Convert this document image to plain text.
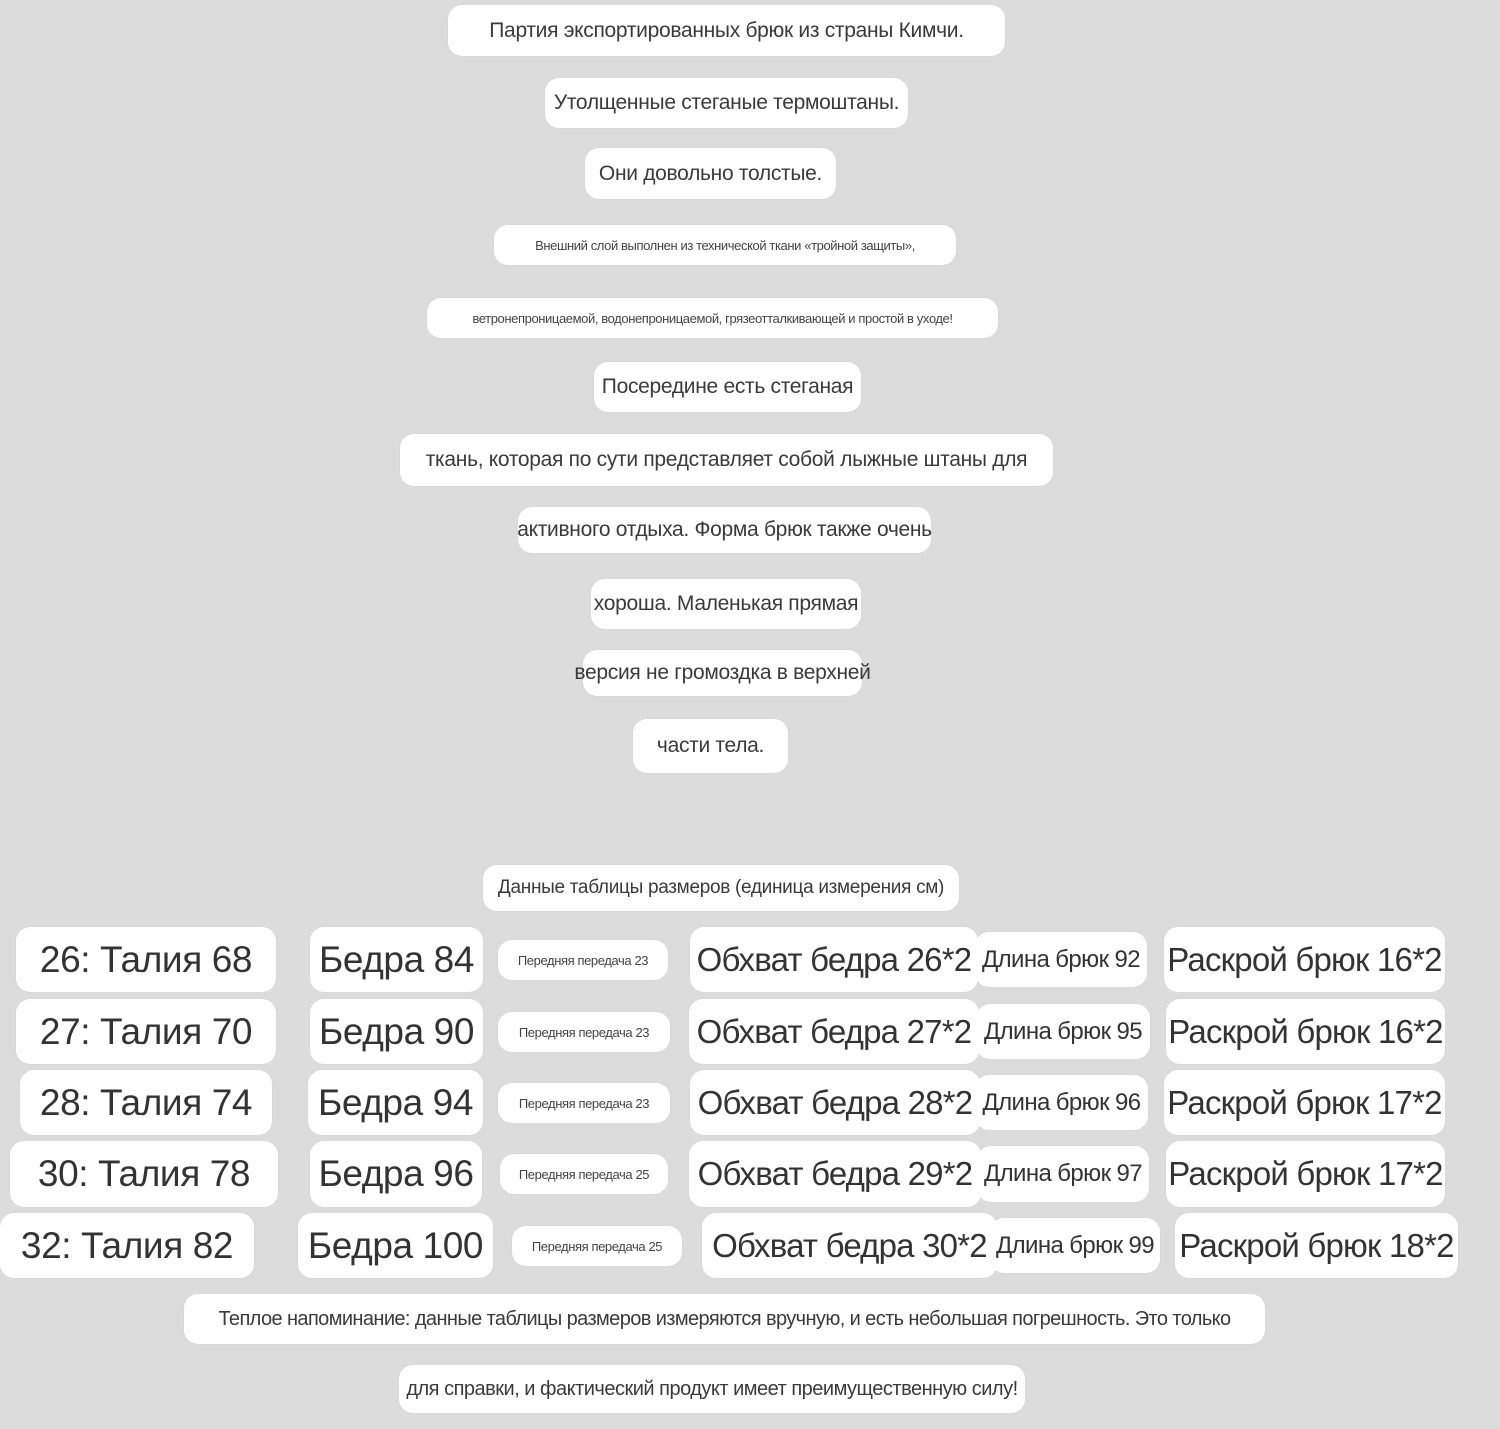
Партия экспортированных брюк из страны Кимчи.
Утолщенные стеганые термоштаны.
Они довольно толстые.
Внешний слой выполнен из технической ткани «тройной защиты»,
ветронепроницаемой, водонепроницаемой, грязеотталкивающей и простой в уходе!
Посередине есть стеганая
ткань, которая по сути представляет собой лыжные штаны для
активного отдыха. Форма брюк также очень
хороша. Маленькая прямая
версия не громоздка в верхней
части тела.
Данные таблицы размеров (единица измерения см)
26: Талия 68	Бедра 84	Передняя передача 23	Обхват бедра 26*2 Длина брюк 92 Раскрой брюк 16*2
27: Талия 70	Бедра 90	Передняя передача 23	Обхват бедра 27*2 Длина брюк 95 Раскрой брюк 16*2
28: Талия 74	Бедра 94	Передняя передача 23	Обхват бедра 28*2 Длина брюк 96 Раскрой брюк 17*2
30: Талия 78	Бедра 96	Передняя передача 25	Обхват бедра 29*2 Длина брюк 97 Раскрой брюк 17*2
32: Талия 82	Бедра 100	Передняя передача 25	Обхват бедра 30*2 Длина брюк 99 Раскрой брюк 18*2
Теплое напоминание: данные таблицы размеров измеряются вручную, и есть небольшая погрешность. Это только
для справки, и фактический продукт имеет преимущественную силу!
